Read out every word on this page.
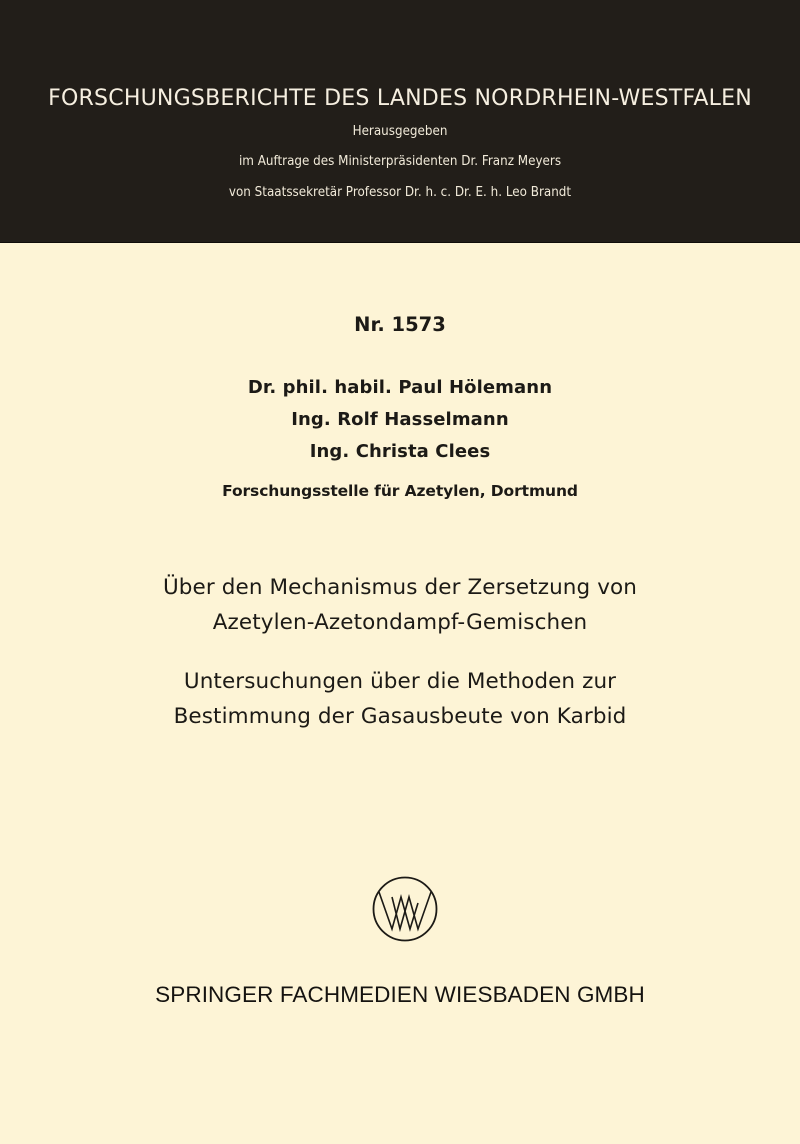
FORSCHUNGSBERICHTE DES LANDES NORDRHEIN-WESTFALEN
Herausgegeben
im Auftrage des Ministerpräsidenten Dr. Franz Meyers
von Staatssekretär Professor Dr. h. c. Dr. E. h. Leo Brandt
Nr. 1573
Dr. phil. habil. Paul Hölemann
Ing. Rolf Hasselmann
Ing. Christa Clees
Forschungsstelle für Azetylen, Dortmund
Über den Mechanismus der Zersetzung von
Azetylen-Azetondampf-Gemischen
Untersuchungen über die Methoden zur
Bestimmung der Gasausbeute von Karbid
SPRINGER FACHMEDIEN WIESBADEN GMBH
